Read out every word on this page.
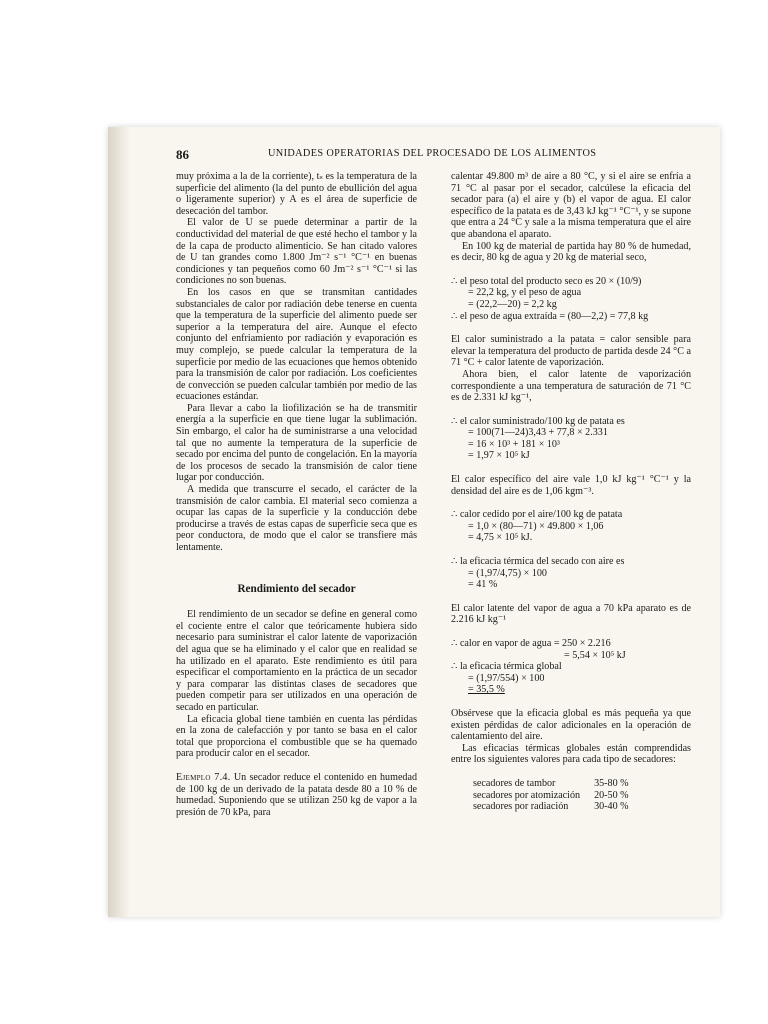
86	UNIDADES OPERATORIAS DEL PROCESADO DE LOS ALIMENTOS

muy próxima a la de la corriente), tₛ es la temperatura de la superficie del alimento (la del punto de ebullición del agua o ligeramente superior) y A es el área de superficie de desecación del tambor.

El valor de U se puede determinar a partir de la conductividad del material de que esté hecho el tambor y la de la capa de producto alimenticio. Se han citado valores de U tan grandes como 1.800 Jm⁻² s⁻¹ °C⁻¹ en buenas condiciones y tan pequeños como 60 Jm⁻² s⁻¹ °C⁻¹ si las condiciones no son buenas.

En los casos en que se transmitan cantidades substanciales de calor por radiación debe tenerse en cuenta que la temperatura de la superficie del alimento puede ser superior a la temperatura del aire. Aunque el efecto conjunto del enfriamiento por radiación y evaporación es muy complejo, se puede calcular la temperatura de la superficie por medio de las ecuaciones que hemos obtenido para la transmisión de calor por radiación. Los coeficientes de convección se pueden calcular también por medio de las ecuaciones estándar.

Para llevar a cabo la liofilización se ha de transmitir energía a la superficie en que tiene lugar la sublimación. Sin embargo, el calor ha de suministrarse a una velocidad tal que no aumente la temperatura de la superficie de secado por encima del punto de congelación. En la mayoría de los procesos de secado la transmisión de calor tiene lugar por conducción.

A medida que transcurre el secado, el carácter de la transmisión de calor cambia. El material seco comienza a ocupar las capas de la superficie y la conducción debe producirse a través de estas capas de superficie seca que es peor conductora, de modo que el calor se transfiere más lentamente.

Rendimiento del secador

El rendimiento de un secador se define en general como el cociente entre el calor que teóricamente hubiera sido necesario para suministrar el calor latente de vaporización del agua que se ha eliminado y el calor que en realidad se ha utilizado en el aparato. Este rendimiento es útil para especificar el comportamiento en la práctica de un secador y para comparar las distintas clases de secadores que pueden competir para ser utilizados en una operación de secado en particular.

La eficacia global tiene también en cuenta las pérdidas en la zona de calefacción y por tanto se basa en el calor total que proporciona el combustible que se ha quemado para producir calor en el secador.

Ejemplo 7.4. Un secador reduce el contenido en humedad de 100 kg de un derivado de la patata desde 80 a 10 % de humedad. Suponiendo que se utilizan 250 kg de vapor a la presión de 70 kPa, para

calentar 49.800 m³ de aire a 80 °C, y si el aire se enfría a 71 °C al pasar por el secador, calcúlese la eficacia del secador para (a) el aire y (b) el vapor de agua. El calor específico de la patata es de 3,43 kJ kg⁻¹ °C⁻¹, y se supone que entra a 24 °C y sale a la misma temperatura que el aire que abandona el aparato.

En 100 kg de material de partida hay 80 % de humedad, es decir, 80 kg de agua y 20 kg de material seco,

∴ el peso total del producto seco es 20 × (10/9)
= 22,2 kg, y el peso de agua
= (22,2—20) = 2,2 kg
∴ el peso de agua extraída = (80—2,2) = 77,8 kg

El calor suministrado a la patata = calor sensible para elevar la temperatura del producto de partida desde 24 °C a 71 °C + calor latente de vaporización.

Ahora bien, el calor latente de vaporización correspondiente a una temperatura de saturación de 71 °C es de 2.331 kJ kg⁻¹,

∴ el calor suministrado/100 kg de patata es
= 100(71—24)3,43 + 77,8 × 2.331
= 16 × 10³ + 181 × 10³
= 1,97 × 10⁵ kJ

El calor específico del aire vale 1,0 kJ kg⁻¹ °C⁻¹ y la densidad del aire es de 1,06 kgm⁻³.

∴ calor cedido por el aire/100 kg de patata
= 1,0 × (80—71) × 49.800 × 1,06
= 4,75 × 10⁵ kJ.
∴ la eficacia térmica del secado con aire es
= (1,97/4,75) × 100
= 41 %

El calor latente del vapor de agua a 70 kPa aparato es de 2.216 kJ kg⁻¹

∴ calor en vapor de agua = 250 × 2.216
= 5,54 × 10⁵ kJ
∴ la eficacia térmica global
= (1,97/554) × 100
= 35,5 %

Obsérvese que la eficacia global es más pequeña ya que existen pérdidas de calor adicionales en la operación de calentamiento del aire.

Las eficacias térmicas globales están comprendidas entre los siguientes valores para cada tipo de secadores:

secadores de tambor	35-80 %
secadores por atomización	20-50 %
secadores por radiación	30-40 %
